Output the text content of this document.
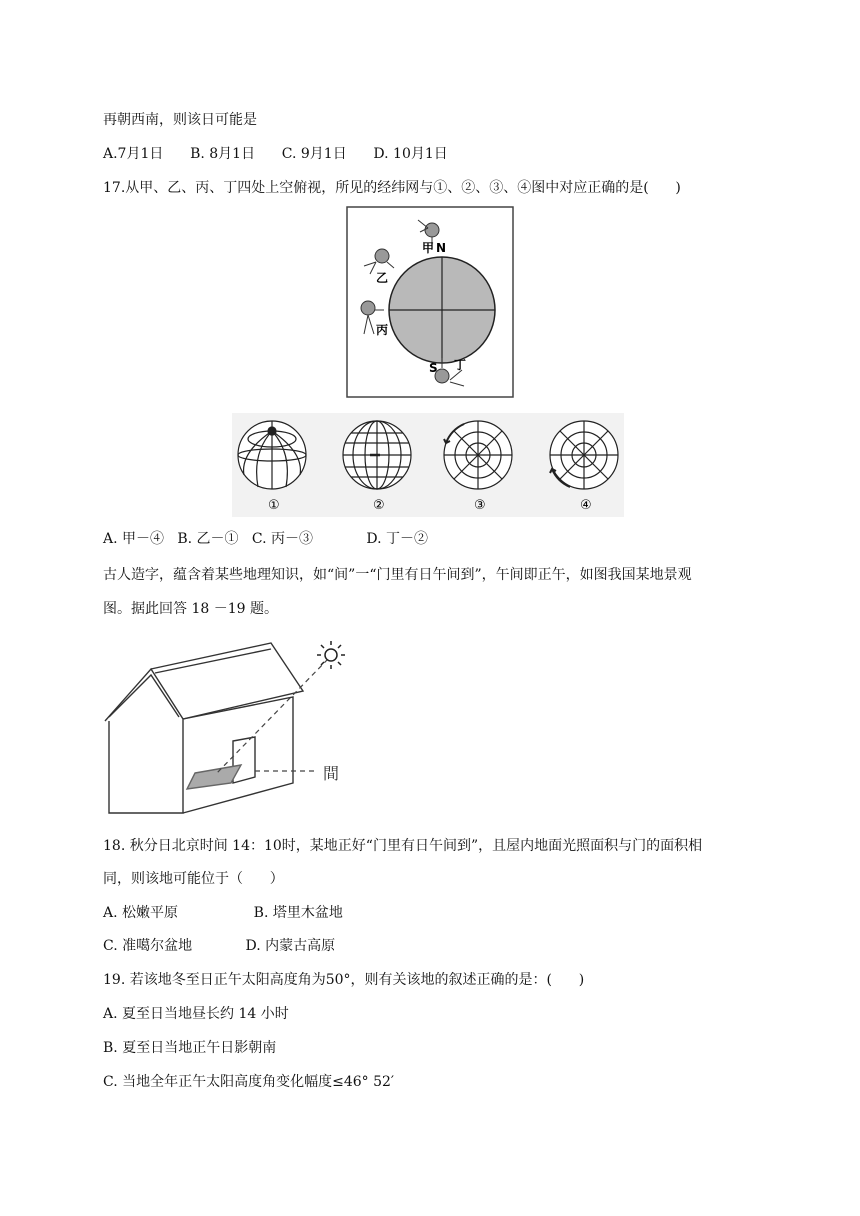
再朝西南，则该日可能是
A.7月1日      B. 8月1日      C. 9月1日      D. 10月1日
17.从甲、乙、丙、丁四处上空俯视，所见的经纬网与①、②、③、④图中对应正确的是(      )
甲 N
乙
丙
S 丁
①	②	③	④
A. 甲－④   B. 乙－①   C. 丙－③            D. 丁－②
古人造字，蕴含着某些地理知识，如“间”一“门里有日午间到”，午间即正午，如图我国某地景观
图。据此回答 18 －19 题。
間
18. 秋分日北京时间 14：10时，某地正好“门里有日午间到”，且屋内地面光照面积与门的面积相
同，则该地可能位于（      ）
A. 松嫩平原                 B. 塔里木盆地
C. 准噶尔盆地            D. 内蒙古高原
19. 若该地冬至日正午太阳高度角为50°，则有关该地的叙述正确的是：(      )
A. 夏至日当地昼长约 14 小时
B. 夏至日当地正午日影朝南
C. 当地全年正午太阳高度角变化幅度≤46° 52′
